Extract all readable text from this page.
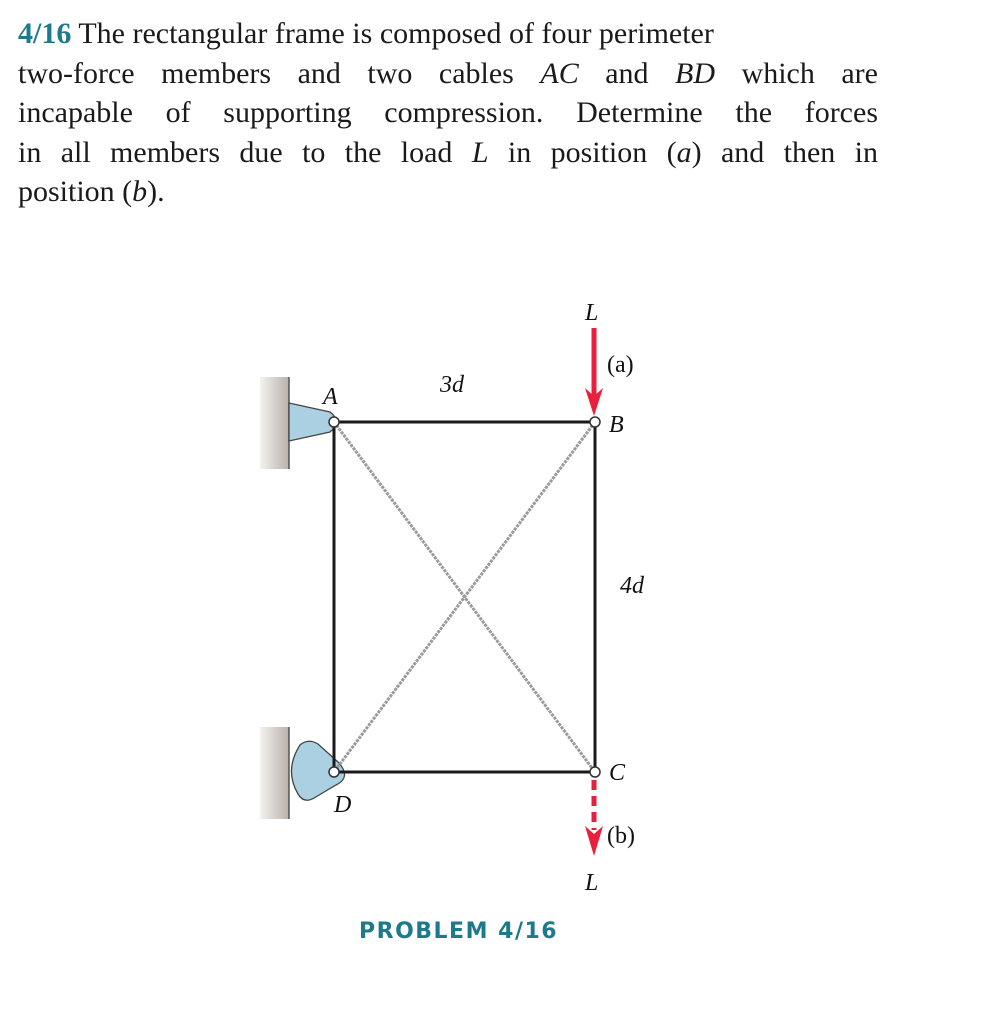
4/16 The rectangular frame is composed of four perimeter
two-force members and two cables AC and BD which are
incapable of supporting compression. Determine the forces
in all members due to the load L in position (a) and then in
position (b).
A
B
C
D
3d
4d
L
L
(a)
(b)
PROBLEM 4/16
